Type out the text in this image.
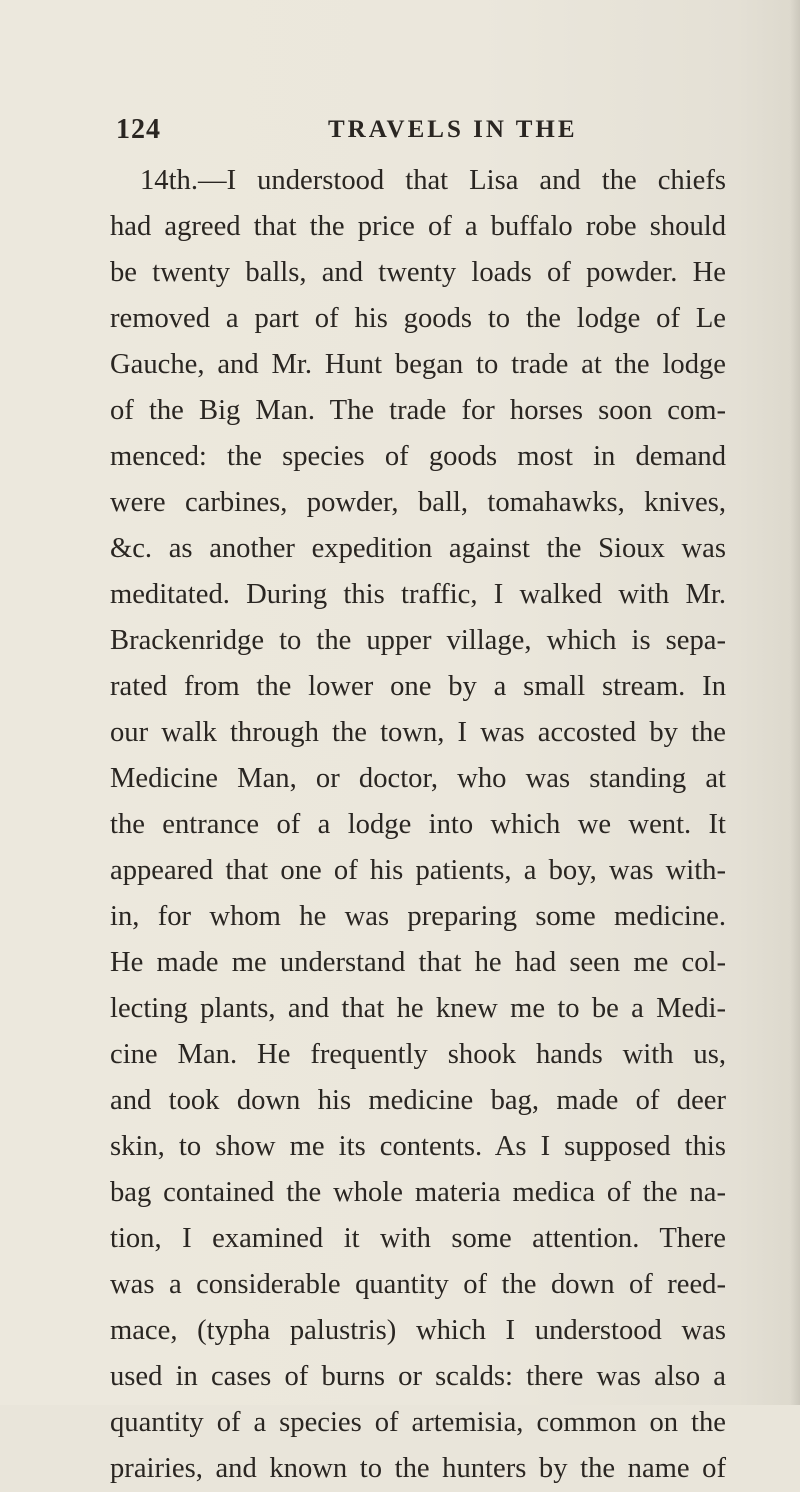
124	TRAVELS IN THE
14th.—I understood that Lisa and the chiefs
had agreed that the price of a buffalo robe should
be twenty balls, and twenty loads of powder. He
removed a part of his goods to the lodge of Le
Gauche, and Mr. Hunt began to trade at the lodge
of the Big Man. The trade for horses soon com-
menced: the species of goods most in demand
were carbines, powder, ball, tomahawks, knives,
&c. as another expedition against the Sioux was
meditated. During this traffic, I walked with Mr.
Brackenridge to the upper village, which is sepa-
rated from the lower one by a small stream. In
our walk through the town, I was accosted by the
Medicine Man, or doctor, who was standing at
the entrance of a lodge into which we went. It
appeared that one of his patients, a boy, was with-
in, for whom he was preparing some medicine.
He made me understand that he had seen me col-
lecting plants, and that he knew me to be a Medi-
cine Man. He frequently shook hands with us,
and took down his medicine bag, made of deer
skin, to show me its contents. As I supposed this
bag contained the whole materia medica of the na-
tion, I examined it with some attention. There
was a considerable quantity of the down of reed-
mace, (typha palustris) which I understood was
used in cases of burns or scalds: there was also a
quantity of a species of artemisia, common on the
prairies, and known to the hunters by the name of
